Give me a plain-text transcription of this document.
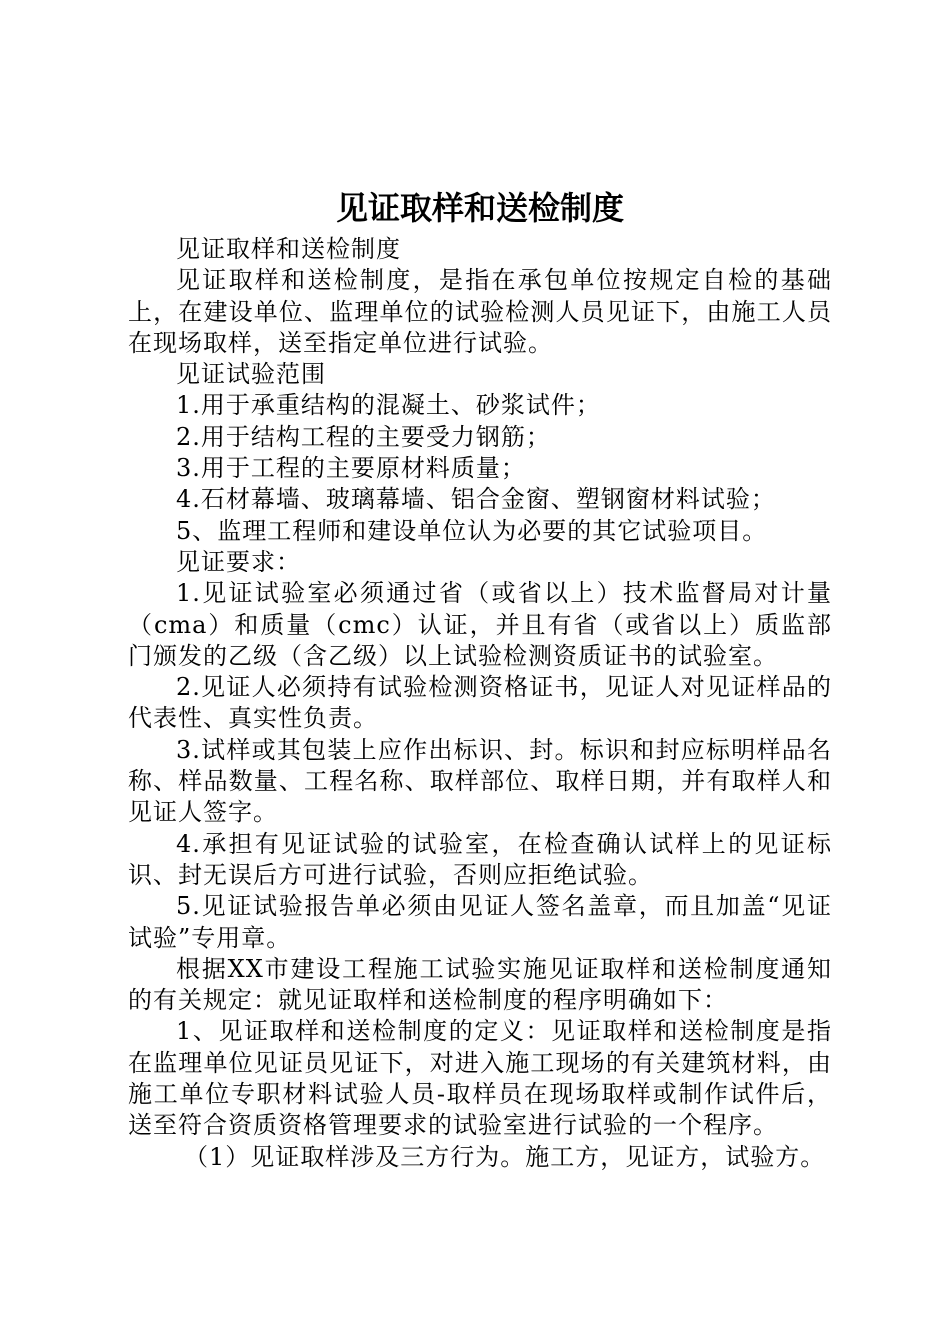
见证取样和送检制度

见证取样和送检制度

见证取样和送检制度，是指在承包单位按规定自检的基础上，在建设单位、监理单位的试验检测人员见证下，由施工人员在现场取样，送至指定单位进行试验。

见证试验范围

1.用于承重结构的混凝土、砂浆试件；

2.用于结构工程的主要受力钢筋；

3.用于工程的主要原材料质量；

4.石材幕墙、玻璃幕墙、铝合金窗、塑钢窗材料试验；

5、监理工程师和建设单位认为必要的其它试验项目。

见证要求：

1.见证试验室必须通过省（或省以上）技术监督局对计量（cma）和质量（cmc）认证，并且有省（或省以上）质监部门颁发的乙级（含乙级）以上试验检测资质证书的试验室。

2.见证人必须持有试验检测资格证书，见证人对见证样品的代表性、真实性负责。

3.试样或其包装上应作出标识、封。标识和封应标明样品名称、样品数量、工程名称、取样部位、取样日期，并有取样人和见证人签字。

4.承担有见证试验的试验室，在检查确认试样上的见证标识、封无误后方可进行试验，否则应拒绝试验。

5.见证试验报告单必须由见证人签名盖章，而且加盖“见证试验”专用章。

根据XX市建设工程施工试验实施见证取样和送检制度通知的有关规定：就见证取样和送检制度的程序明确如下：

1、见证取样和送检制度的定义：见证取样和送检制度是指在监理单位见证员见证下，对进入施工现场的有关建筑材料，由施工单位专职材料试验人员-取样员在现场取样或制作试件后，送至符合资质资格管理要求的试验室进行试验的一个程序。

（1）见证取样涉及三方行为。施工方，见证方，试验方。
